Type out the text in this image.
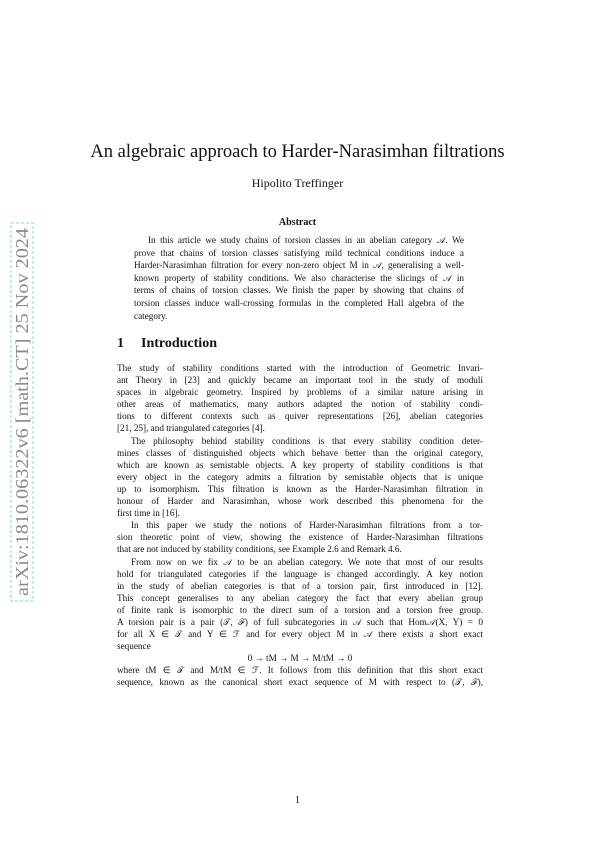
arXiv:1810.06322v6 [math.CT] 25 Nov 2024
An algebraic approach to Harder-Narasimhan filtrations
Hipolito Treffinger
Abstract
In this article we study chains of torsion classes in an abelian category 𝒜. We
prove that chains of torsion classes satisfying mild technical conditions induce a
Harder-Narasimhan filtration for every non-zero object M in 𝒜, generalising a well-
known property of stability conditions. We also characterise the slicings of 𝒜 in
terms of chains of torsion classes. We finish the paper by showing that chains of
torsion classes induce wall-crossing formulas in the completed Hall algebra of the
category.
1 Introduction
The study of stability conditions started with the introduction of Geometric Invari-
ant Theory in [23] and quickly became an important tool in the study of moduli
spaces in algebraic geometry. Inspired by problems of a similar nature arising in
other areas of mathematics, many authors adapted the notion of stability condi-
tions to different contexts such as quiver representations [26], abelian categories
[21, 25], and triangulated categories [4].
The philosophy behind stability conditions is that every stability condition deter-
mines classes of distinguished objects which behave better than the original category,
which are known as semistable objects. A key property of stability conditions is that
every object in the category admits a filtration by semistable objects that is unique
up to isomorphism. This filtration is known as the Harder-Narasimhan filtration in
honour of Harder and Narasimhan, whose work described this phenomena for the
first time in [16].
In this paper we study the notions of Harder-Narasimhan filtrations from a tor-
sion theoretic point of view, showing the existence of Harder-Narasimhan filtrations
that are not induced by stability conditions, see Example 2.6 and Remark 4.6.
From now on we fix 𝒜 to be an abelian category. We note that most of our results
hold for triangulated categories if the language is changed accordingly. A key notion
in the study of abelian categories is that of a torsion pair, first introduced in [12].
This concept generalises to any abelian category the fact that every abelian group
of finite rank is isomorphic to the direct sum of a torsion and a torsion free group.
A torsion pair is a pair (𝒯, ℱ) of full subcategories in 𝒜 such that Hom𝒜(X, Y) = 0
for all X ∈ 𝒯 and Y ∈ ℱ and for every object M in 𝒜 there exists a short exact
sequence
0 → tM → M → M/tM → 0
where tM ∈ 𝒯 and M/tM ∈ ℱ. It follows from this definition that this short exact
sequence, known as the canonical short exact sequence of M with respect to (𝒯, ℱ),
1
